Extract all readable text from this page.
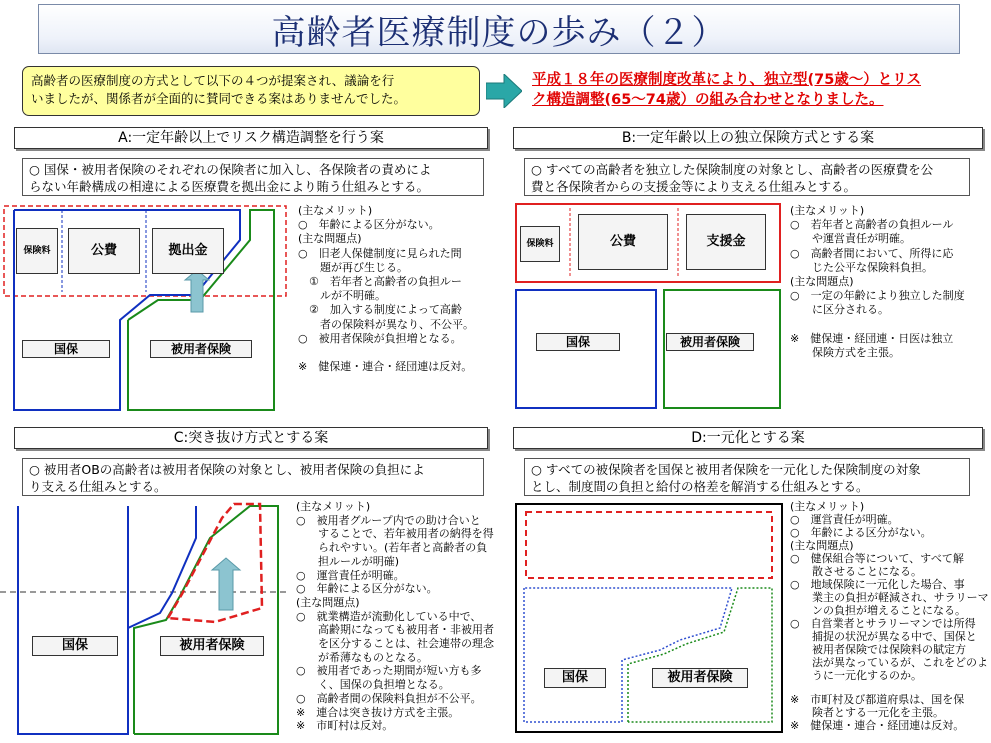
高齢者医療制度の歩み（２）
高齢者の医療制度の方式として以下の４つが提案され、議論を行
いましたが、関係者が全面的に賛同できる案はありませんでした。
平成１８年の医療制度改革により、独立型(75歳～）とリス
ク構造調整(65～74歳）の組み合わせとなりました。
A:一定年齢以上でリスク構造調整を行う案
○ 国保・被用者保険のそれぞれの保険者に加入し、各保険者の責めによ
らない年齢構成の相違による医療費を拠出金により賄う仕組みとする。
保険料	公費	拠出金
国保	被用者保険
(主なメリット)
○　年齢による区分がない。
(主な問題点)
○　旧老人保健制度に見られた問
　　題が再び生じる。
　①　若年者と高齢者の負担ルー
　　ルが不明確。
　②　加入する制度によって高齢
　　者の保険料が異なり、不公平。
○　被用者保険が負担増となる。
※　健保連・連合・経団連は反対。
B:一定年齢以上の独立保険方式とする案
○ すべての高齢者を独立した保険制度の対象とし、高齢者の医療費を公
費と各保険者からの支援金等により支える仕組みとする。
保険料	公費	支援金
国保	被用者保険
(主なメリット)
○　若年者と高齢者の負担ルール
　　や運営責任が明確。
○　高齢者間において、所得に応
　　じた公平な保険料負担。
(主な問題点)
○　一定の年齢により独立した制度
　　に区分される。
※　健保連・経団連・日医は独立
　　保険方式を主張。
C:突き抜け方式とする案
○ 被用者OBの高齢者は被用者保険の対象とし、被用者保険の負担によ
り支える仕組みとする。
国保	被用者保険
(主なメリット)
○　被用者グループ内での助け合いと
　　することで、若年被用者の納得を得
　　られやすい。(若年者と高齢者の負
　　担ルールが明確)
○　運営責任が明確。
○　年齢による区分がない。
(主な問題点)
○　就業構造が流動化している中で、
　　高齢期になっても被用者・非被用者
　　を区分することは、社会連帯の理念
　　が希薄なものとなる。
○　被用者であった期間が短い方も多
　　く、国保の負担増となる。
○　高齢者間の保険料負担が不公平。
※　連合は突き抜け方式を主張。
※　市町村は反対。
D:一元化とする案
○ すべての被保険者を国保と被用者保険を一元化した保険制度の対象
とし、制度間の負担と給付の格差を解消する仕組みとする。
国保	被用者保険
(主なメリット)
○　運営責任が明確。
○　年齢による区分がない。
(主な問題点)
○　健保組合等について、すべて解
　　散させることになる。
○　地域保険に一元化した場合、事
　　業主の負担が軽減され、サラリーマ
　　ンの負担が増えることになる。
○　自営業者とサラリーマンでは所得
　　捕捉の状況が異なる中で、国保と
　　被用者保険では保険料の賦定方
　　法が異なっているが、これをどのよ
　　うに一元化するのか。
※　市町村及び都道府県は、国を保
　　険者とする一元化を主張。
※　健保連・連合・経団連は反対。
